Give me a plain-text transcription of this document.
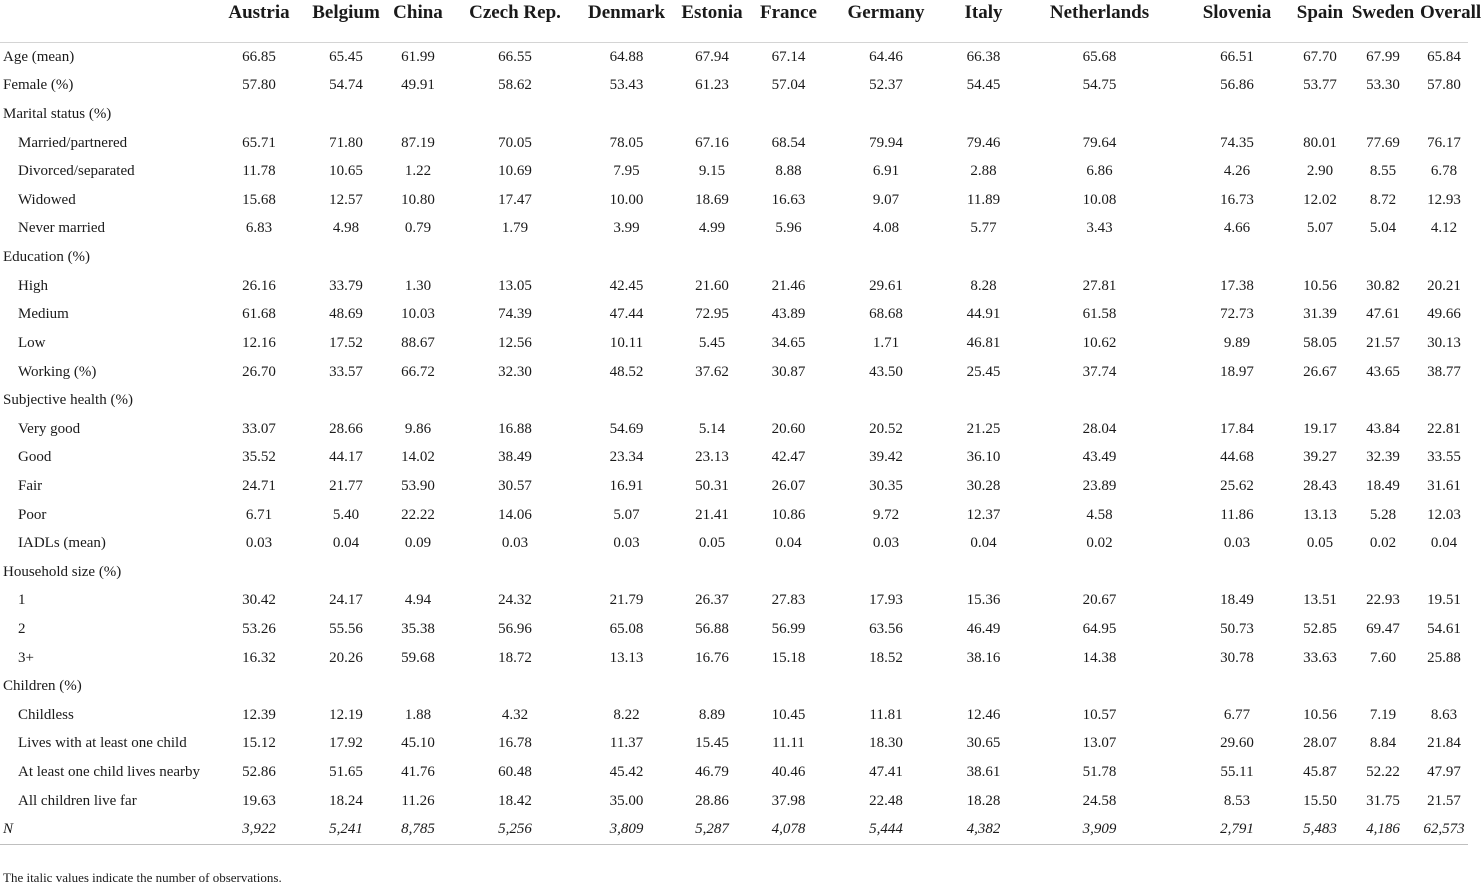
	Austria	Belgium	China	Czech Rep.	Denmark	Estonia	France	Germany	Italy	Netherlands	Slovenia	Spain	Sweden	Overall
Age (mean)	66.85	65.45	61.99	66.55	64.88	67.94	67.14	64.46	66.38	65.68	66.51	67.70	67.99	65.84
Female (%)	57.80	54.74	49.91	58.62	53.43	61.23	57.04	52.37	54.45	54.75	56.86	53.77	53.30	57.80
Marital status (%)														
Married/partnered	65.71	71.80	87.19	70.05	78.05	67.16	68.54	79.94	79.46	79.64	74.35	80.01	77.69	76.17
Divorced/separated	11.78	10.65	1.22	10.69	7.95	9.15	8.88	6.91	2.88	6.86	4.26	2.90	8.55	6.78
Widowed	15.68	12.57	10.80	17.47	10.00	18.69	16.63	9.07	11.89	10.08	16.73	12.02	8.72	12.93
Never married	6.83	4.98	0.79	1.79	3.99	4.99	5.96	4.08	5.77	3.43	4.66	5.07	5.04	4.12
Education (%)														
High	26.16	33.79	1.30	13.05	42.45	21.60	21.46	29.61	8.28	27.81	17.38	10.56	30.82	20.21
Medium	61.68	48.69	10.03	74.39	47.44	72.95	43.89	68.68	44.91	61.58	72.73	31.39	47.61	49.66
Low	12.16	17.52	88.67	12.56	10.11	5.45	34.65	1.71	46.81	10.62	9.89	58.05	21.57	30.13
Working (%)	26.70	33.57	66.72	32.30	48.52	37.62	30.87	43.50	25.45	37.74	18.97	26.67	43.65	38.77
Subjective health (%)														
Very good	33.07	28.66	9.86	16.88	54.69	5.14	20.60	20.52	21.25	28.04	17.84	19.17	43.84	22.81
Good	35.52	44.17	14.02	38.49	23.34	23.13	42.47	39.42	36.10	43.49	44.68	39.27	32.39	33.55
Fair	24.71	21.77	53.90	30.57	16.91	50.31	26.07	30.35	30.28	23.89	25.62	28.43	18.49	31.61
Poor	6.71	5.40	22.22	14.06	5.07	21.41	10.86	9.72	12.37	4.58	11.86	13.13	5.28	12.03
IADLs (mean)	0.03	0.04	0.09	0.03	0.03	0.05	0.04	0.03	0.04	0.02	0.03	0.05	0.02	0.04
Household size (%)														
1	30.42	24.17	4.94	24.32	21.79	26.37	27.83	17.93	15.36	20.67	18.49	13.51	22.93	19.51
2	53.26	55.56	35.38	56.96	65.08	56.88	56.99	63.56	46.49	64.95	50.73	52.85	69.47	54.61
3+	16.32	20.26	59.68	18.72	13.13	16.76	15.18	18.52	38.16	14.38	30.78	33.63	7.60	25.88
Children (%)														
Childless	12.39	12.19	1.88	4.32	8.22	8.89	10.45	11.81	12.46	10.57	6.77	10.56	7.19	8.63
Lives with at least one child	15.12	17.92	45.10	16.78	11.37	15.45	11.11	18.30	30.65	13.07	29.60	28.07	8.84	21.84
At least one child lives nearby	52.86	51.65	41.76	60.48	45.42	46.79	40.46	47.41	38.61	51.78	55.11	45.87	52.22	47.97
All children live far	19.63	18.24	11.26	18.42	35.00	28.86	37.98	22.48	18.28	24.58	8.53	15.50	31.75	21.57
N	3,922	5,241	8,785	5,256	3,809	5,287	4,078	5,444	4,382	3,909	2,791	5,483	4,186	62,573

The italic values indicate the number of observations.
